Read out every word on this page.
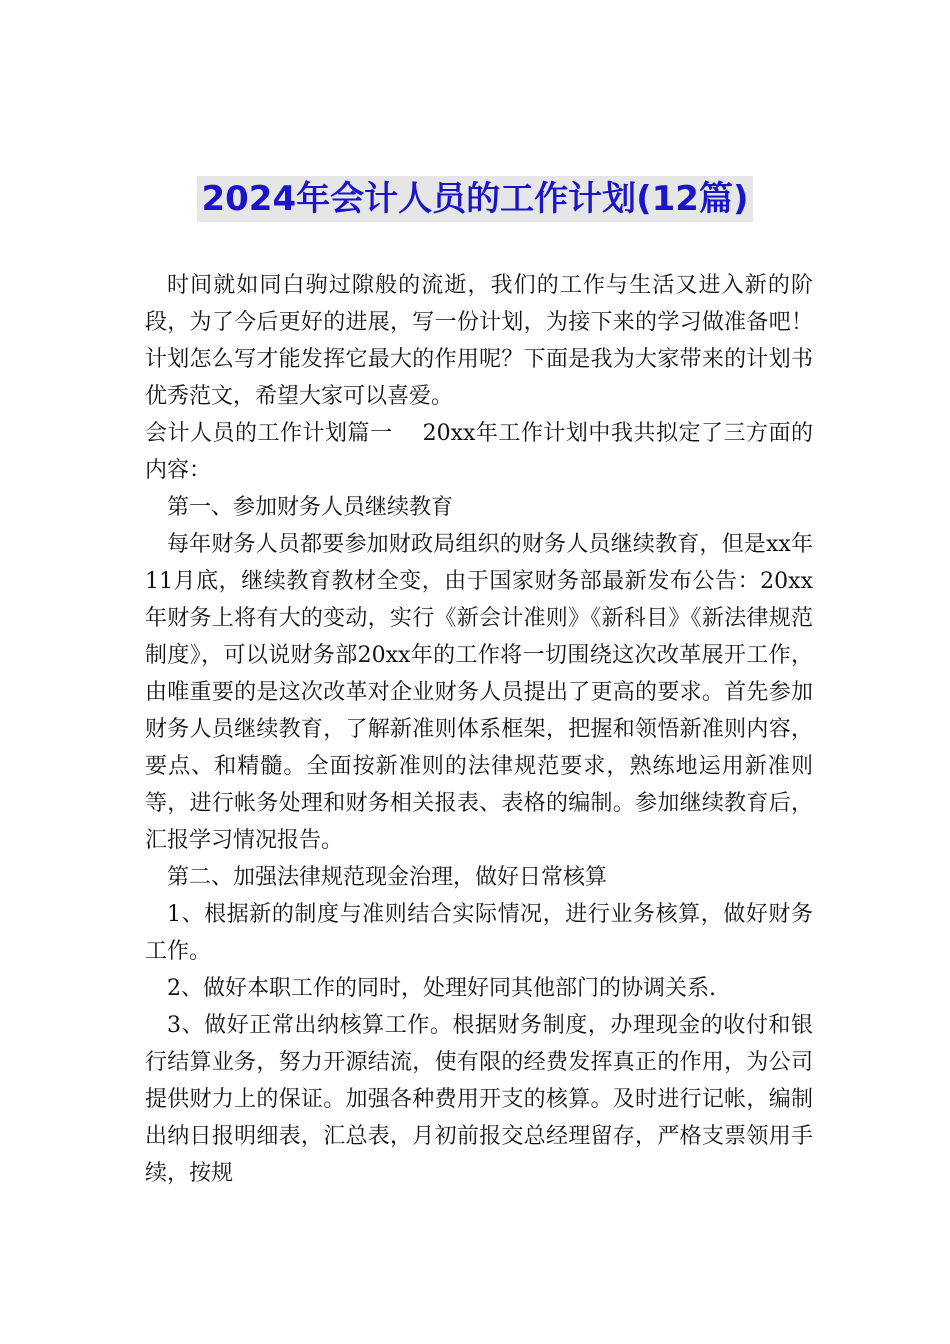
2024年会计人员的工作计划(12篇)

时间就如同白驹过隙般的流逝，我们的工作与生活又进入新的阶段，为了今后更好的进展，写一份计划，为接下来的学习做准备吧！计划怎么写才能发挥它最大的作用呢？下面是我为大家带来的计划书优秀范文，希望大家可以喜爱。

会计人员的工作计划篇一　 20xx年工作计划中我共拟定了三方面的内容：

第一、参加财务人员继续教育

每年财务人员都要参加财政局组织的财务人员继续教育，但是xx年11月底，继续教育教材全变，由于国家财务部最新发布公告：20xx年财务上将有大的变动，实行《新会计准则》《新科目》《新法律规范制度》，可以说财务部20xx年的工作将一切围绕这次改革展开工作，由唯重要的是这次改革对企业财务人员提出了更高的要求。首先参加财务人员继续教育，了解新准则体系框架，把握和领悟新准则内容，要点、和精髓。全面按新准则的法律规范要求，熟练地运用新准则等，进行帐务处理和财务相关报表、表格的编制。参加继续教育后，汇报学习情况报告。

第二、加强法律规范现金治理，做好日常核算

1、根据新的制度与准则结合实际情况，进行业务核算，做好财务工作。

2、做好本职工作的同时，处理好同其他部门的协调关系.

3、做好正常出纳核算工作。根据财务制度，办理现金的收付和银行结算业务，努力开源结流，使有限的经费发挥真正的作用，为公司提供财力上的保证。加强各种费用开支的核算。及时进行记帐，编制出纳日报明细表，汇总表，月初前报交总经理留存，严格支票领用手续，按规
